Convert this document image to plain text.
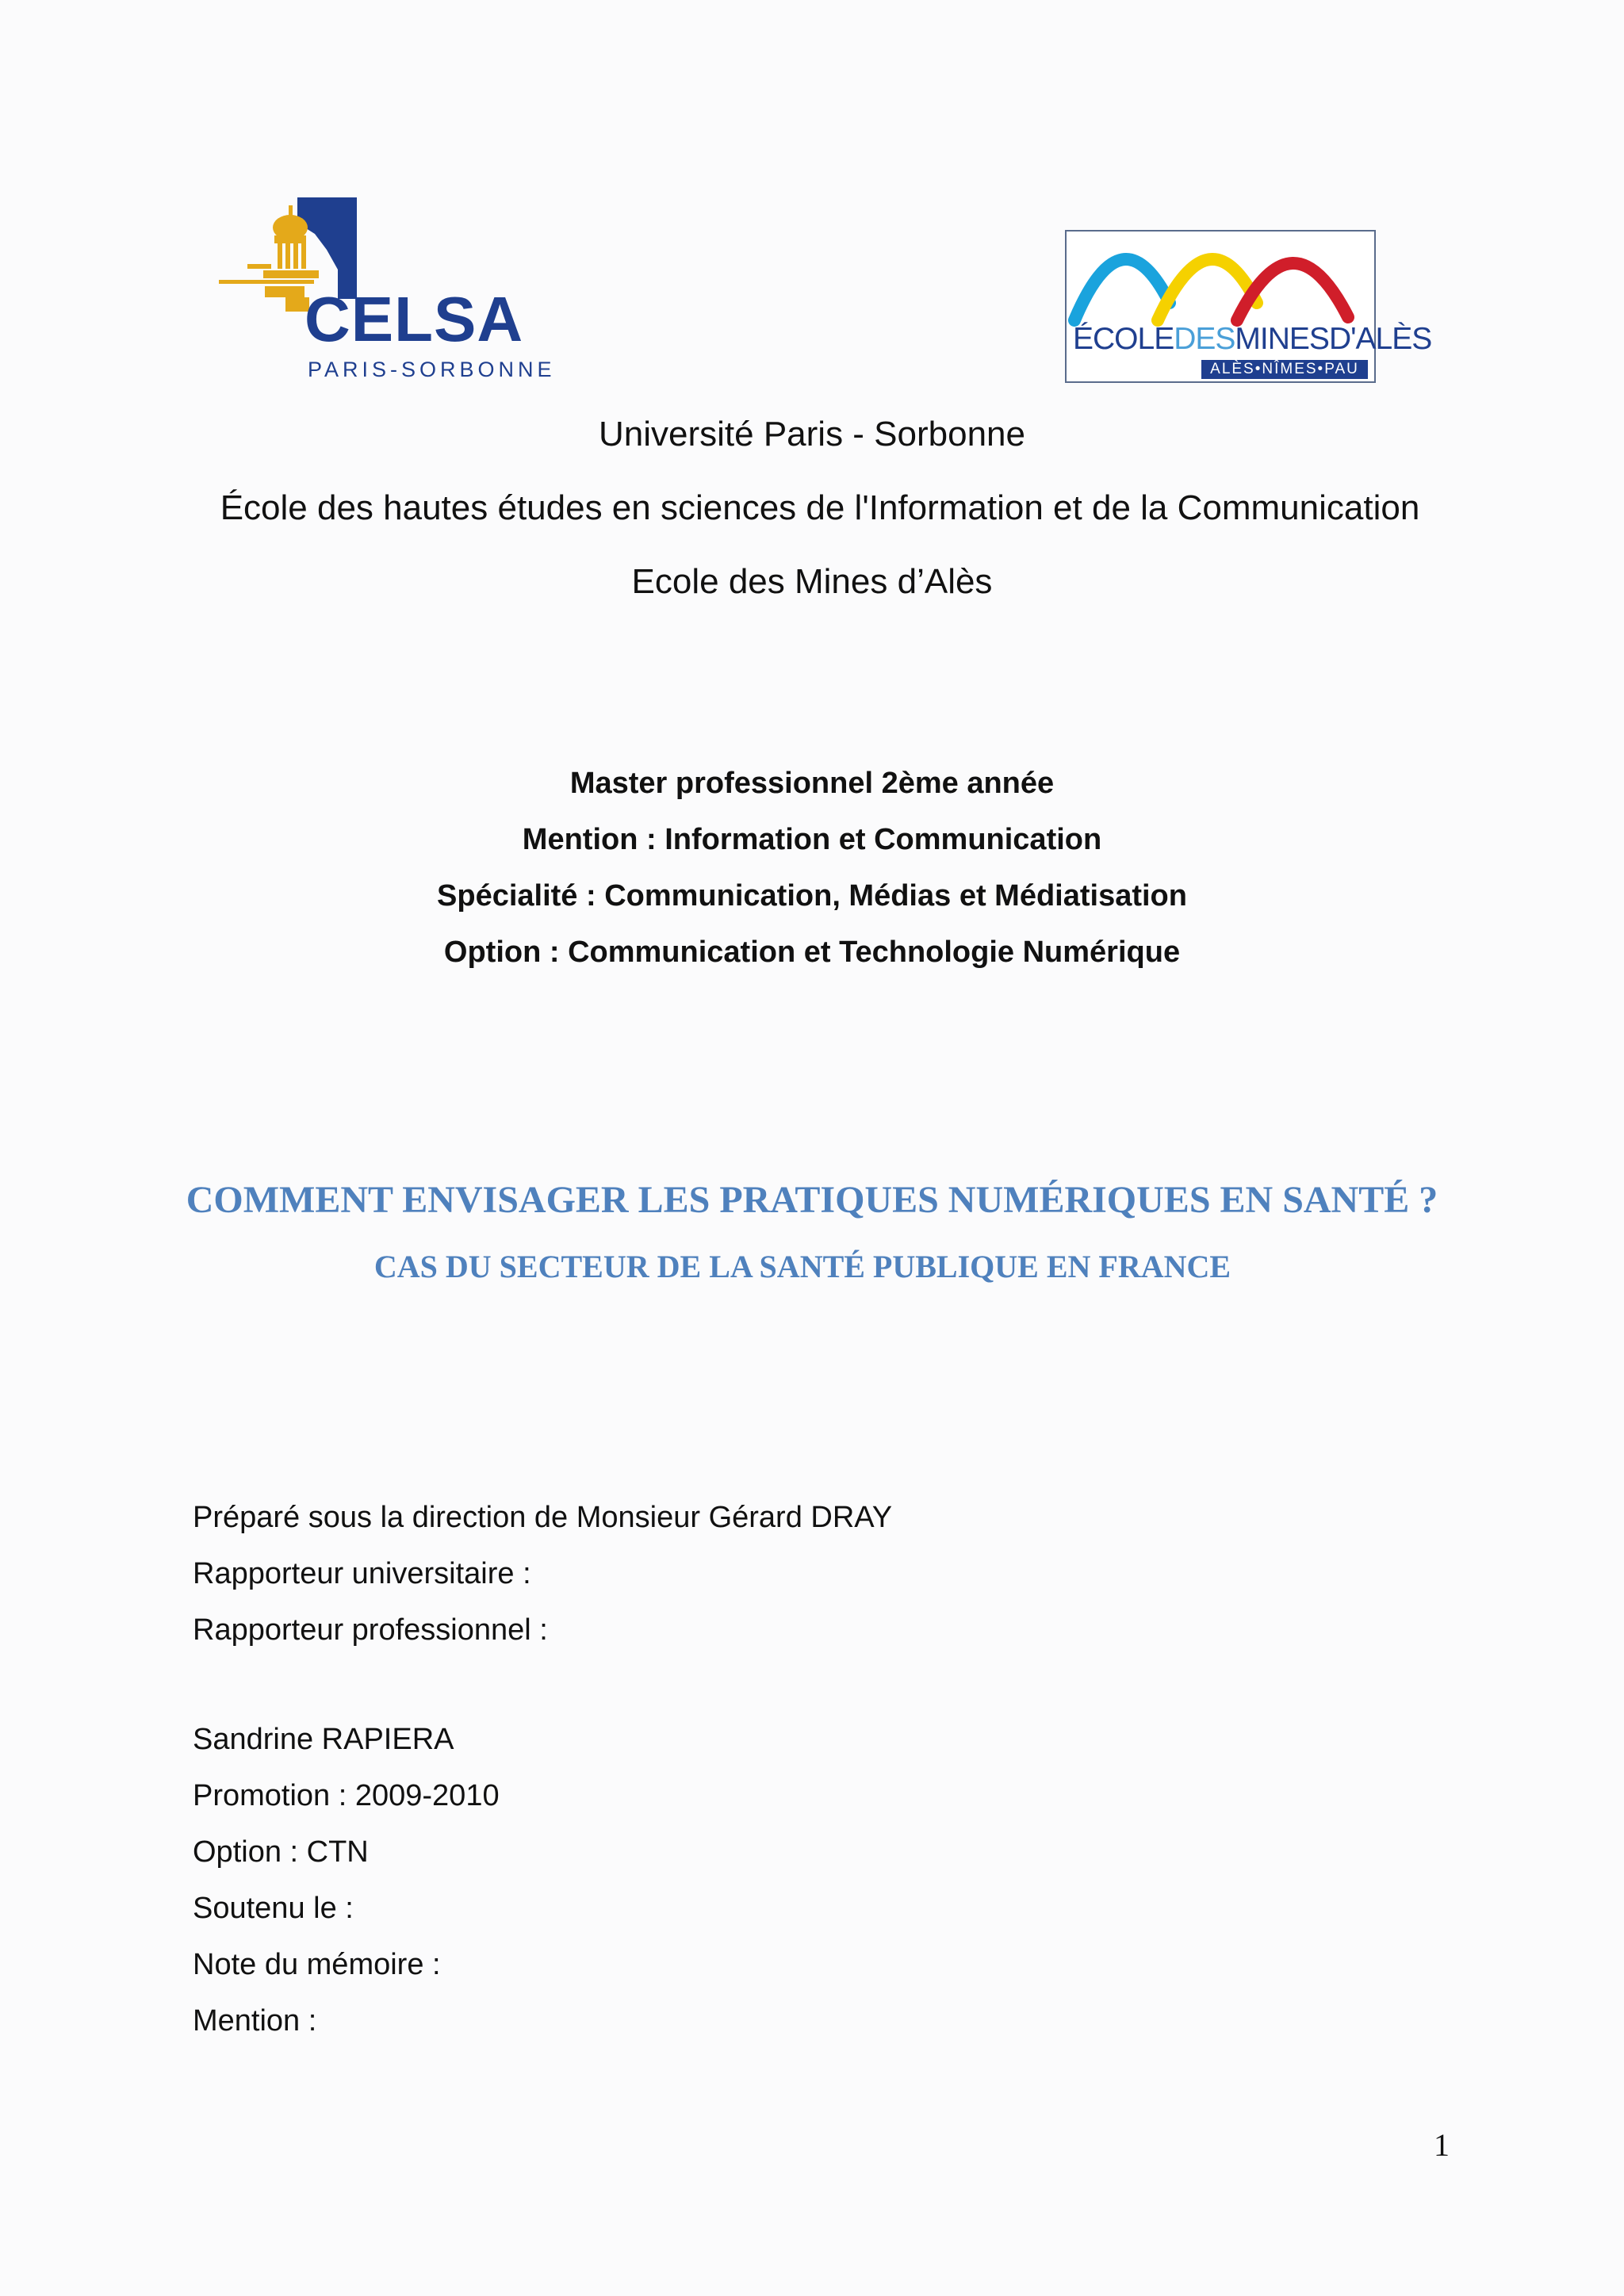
CELSA
PARIS-SORBONNE
ÉCOLEDESMINESD'ALÈS
ALÈS•NÎMES•PAU
Université Paris - Sorbonne
École des hautes études en sciences de l'Information et de la Communication
Ecole des Mines d’Alès
Master professionnel 2ème année
Mention : Information et Communication
Spécialité : Communication, Médias et Médiatisation
Option : Communication et Technologie Numérique
COMMENT ENVISAGER LES PRATIQUES NUMÉRIQUES EN SANTÉ ?
CAS DU SECTEUR DE LA SANTÉ PUBLIQUE EN FRANCE
Préparé sous la direction de Monsieur Gérard DRAY
Rapporteur universitaire :
Rapporteur professionnel :
Sandrine RAPIERA
Promotion : 2009-2010
Option : CTN
Soutenu le :
Note du mémoire :
Mention :
1
